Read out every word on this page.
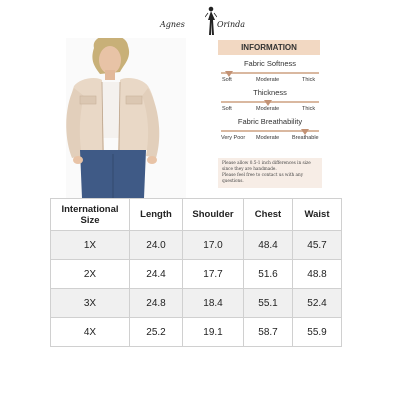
Agnes	Orinda
INFORMATION
Fabric Softness
Soft	Moderate	Thick
Thickness
Soft	Moderate	Thick
Fabric Breathability
Very Poor Moderate Breathable
Please allow 0.5-1 inch differences in size
since they are handmade.
Please feel free to contact us with any questions.
International
Size	Length	Shoulder	Chest	Waist
1X	24.0	17.0	48.4	45.7
2X	24.4	17.7	51.6	48.8
3X	24.8	18.4	55.1	52.4
4X	25.2	19.1	58.7	55.9
